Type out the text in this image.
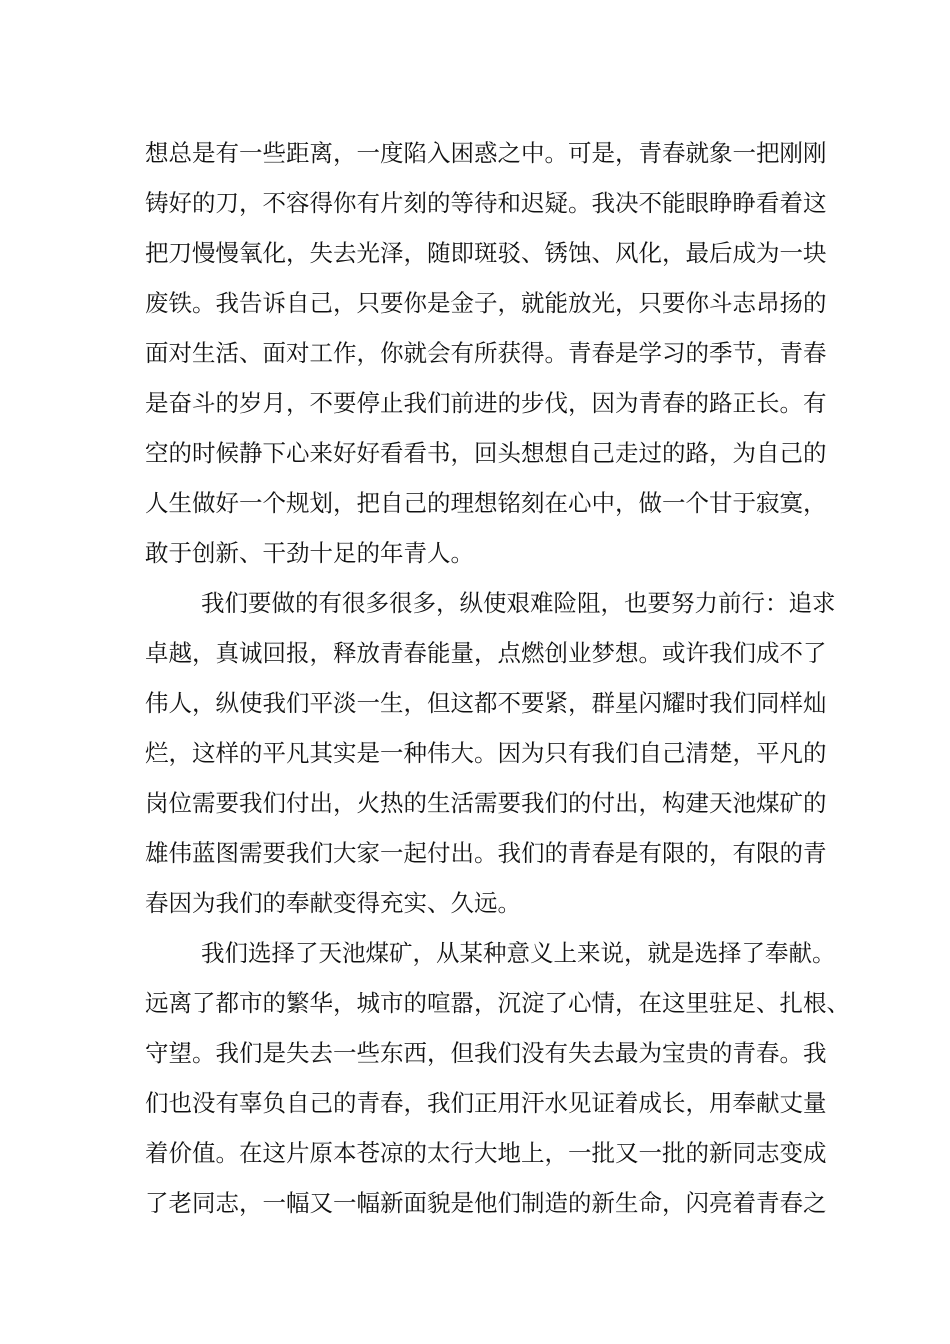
想总是有一些距离，一度陷入困惑之中。可是，青春就象一把刚刚
铸好的刀，不容得你有片刻的等待和迟疑。我决不能眼睁睁看着这
把刀慢慢氧化，失去光泽，随即斑驳、锈蚀、风化，最后成为一块
废铁。我告诉自己，只要你是金子，就能放光，只要你斗志昂扬的
面对生活、面对工作，你就会有所获得。青春是学习的季节，青春
是奋斗的岁月，不要停止我们前进的步伐，因为青春的路正长。有
空的时候静下心来好好看看书，回头想想自己走过的路，为自己的
人生做好一个规划，把自己的理想铭刻在心中，做一个甘于寂寞，
敢于创新、干劲十足的年青人。
我们要做的有很多很多，纵使艰难险阻，也要努力前行：追求
卓越，真诚回报，释放青春能量，点燃创业梦想。或许我们成不了
伟人，纵使我们平淡一生，但这都不要紧，群星闪耀时我们同样灿
烂，这样的平凡其实是一种伟大。因为只有我们自己清楚，平凡的
岗位需要我们付出，火热的生活需要我们的付出，构建天池煤矿的
雄伟蓝图需要我们大家一起付出。我们的青春是有限的，有限的青
春因为我们的奉献变得充实、久远。
我们选择了天池煤矿，从某种意义上来说，就是选择了奉献。
远离了都市的繁华，城市的喧嚣，沉淀了心情，在这里驻足、扎根、
守望。我们是失去一些东西，但我们没有失去最为宝贵的青春。我
们也没有辜负自己的青春，我们正用汗水见证着成长，用奉献丈量
着价值。在这片原本苍凉的太行大地上，一批又一批的新同志变成
了老同志，一幅又一幅新面貌是他们制造的新生命，闪亮着青春之
